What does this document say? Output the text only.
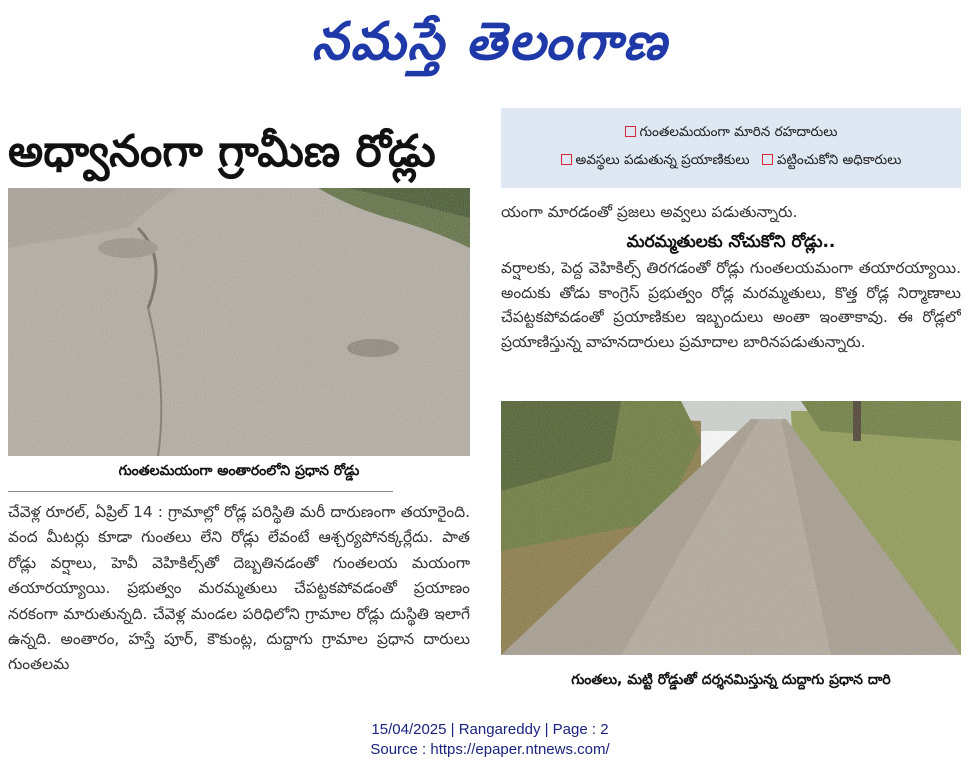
నమస్తే తెలంగాణ
అధ్వానంగా గ్రామీణ రోడ్లు
గుంతలమయంగా అంతారంలోని ప్రధాన రోడ్డు

చేవెళ్ల రూరల్, ఏప్రిల్ 14 : గ్రామాల్లో రోడ్ల పరిస్థితి మరీ దారుణంగా తయారైంది. వంద మీటర్లు కూడా గుంతలు లేని రోడ్లు లేవంటే ఆశ్చర్యపోనక్కర్లేదు. పాత రోడ్లు వర్షాలు, హెవీ వెహికిల్స్‌తో దెబ్బతినడంతో గుంతలయ మయంగా తయారయ్యాయి. ప్రభుత్వం మరమ్మతులు చేపట్టకపోవడంతో ప్రయాణం నరకంగా మారుతున్నది. చేవెళ్ల మండల పరిధిలోని గ్రామాల రోడ్లు దుస్థితి ఇలాగే ఉన్నది. అంతారం, హస్తే పూర్, కౌకుంట్ల, దుద్దాగు గ్రామాల ప్రధాన దారులు గుంతలమ

గుంతలమయంగా మారిన రహదారులు
అవస్థలు పడుతున్న ప్రయాణికులు పట్టించుకోని అధికారులు
యంగా మారడంతో ప్రజలు అవ్వలు పడుతున్నారు.
మరమ్మతులకు నోచుకోని రోడ్లు..

వర్షాలకు, పెద్ద వెహికిల్స్ తిరగడంతో రోడ్లు గుంతలయమంగా తయారయ్యాయి. అందుకు తోడు కాంగ్రెస్ ప్రభుత్వం రోడ్ల మరమ్మతులు, కొత్త రోడ్ల నిర్మాణాలు చేపట్టకపోవడంతో ప్రయాణికుల ఇబ్బందులు అంతా ఇంతాకావు. ఈ రోడ్లలో ప్రయాణిస్తున్న వాహనదారులు ప్రమాదాల బారినపడుతున్నారు.

గుంతలు, మట్టి రోడ్డుతో దర్శనమిస్తున్న దుద్దాగు ప్రధాన దారి
15/04/2025 | Rangareddy | Page : 2
Source : https://epaper.ntnews.com/
